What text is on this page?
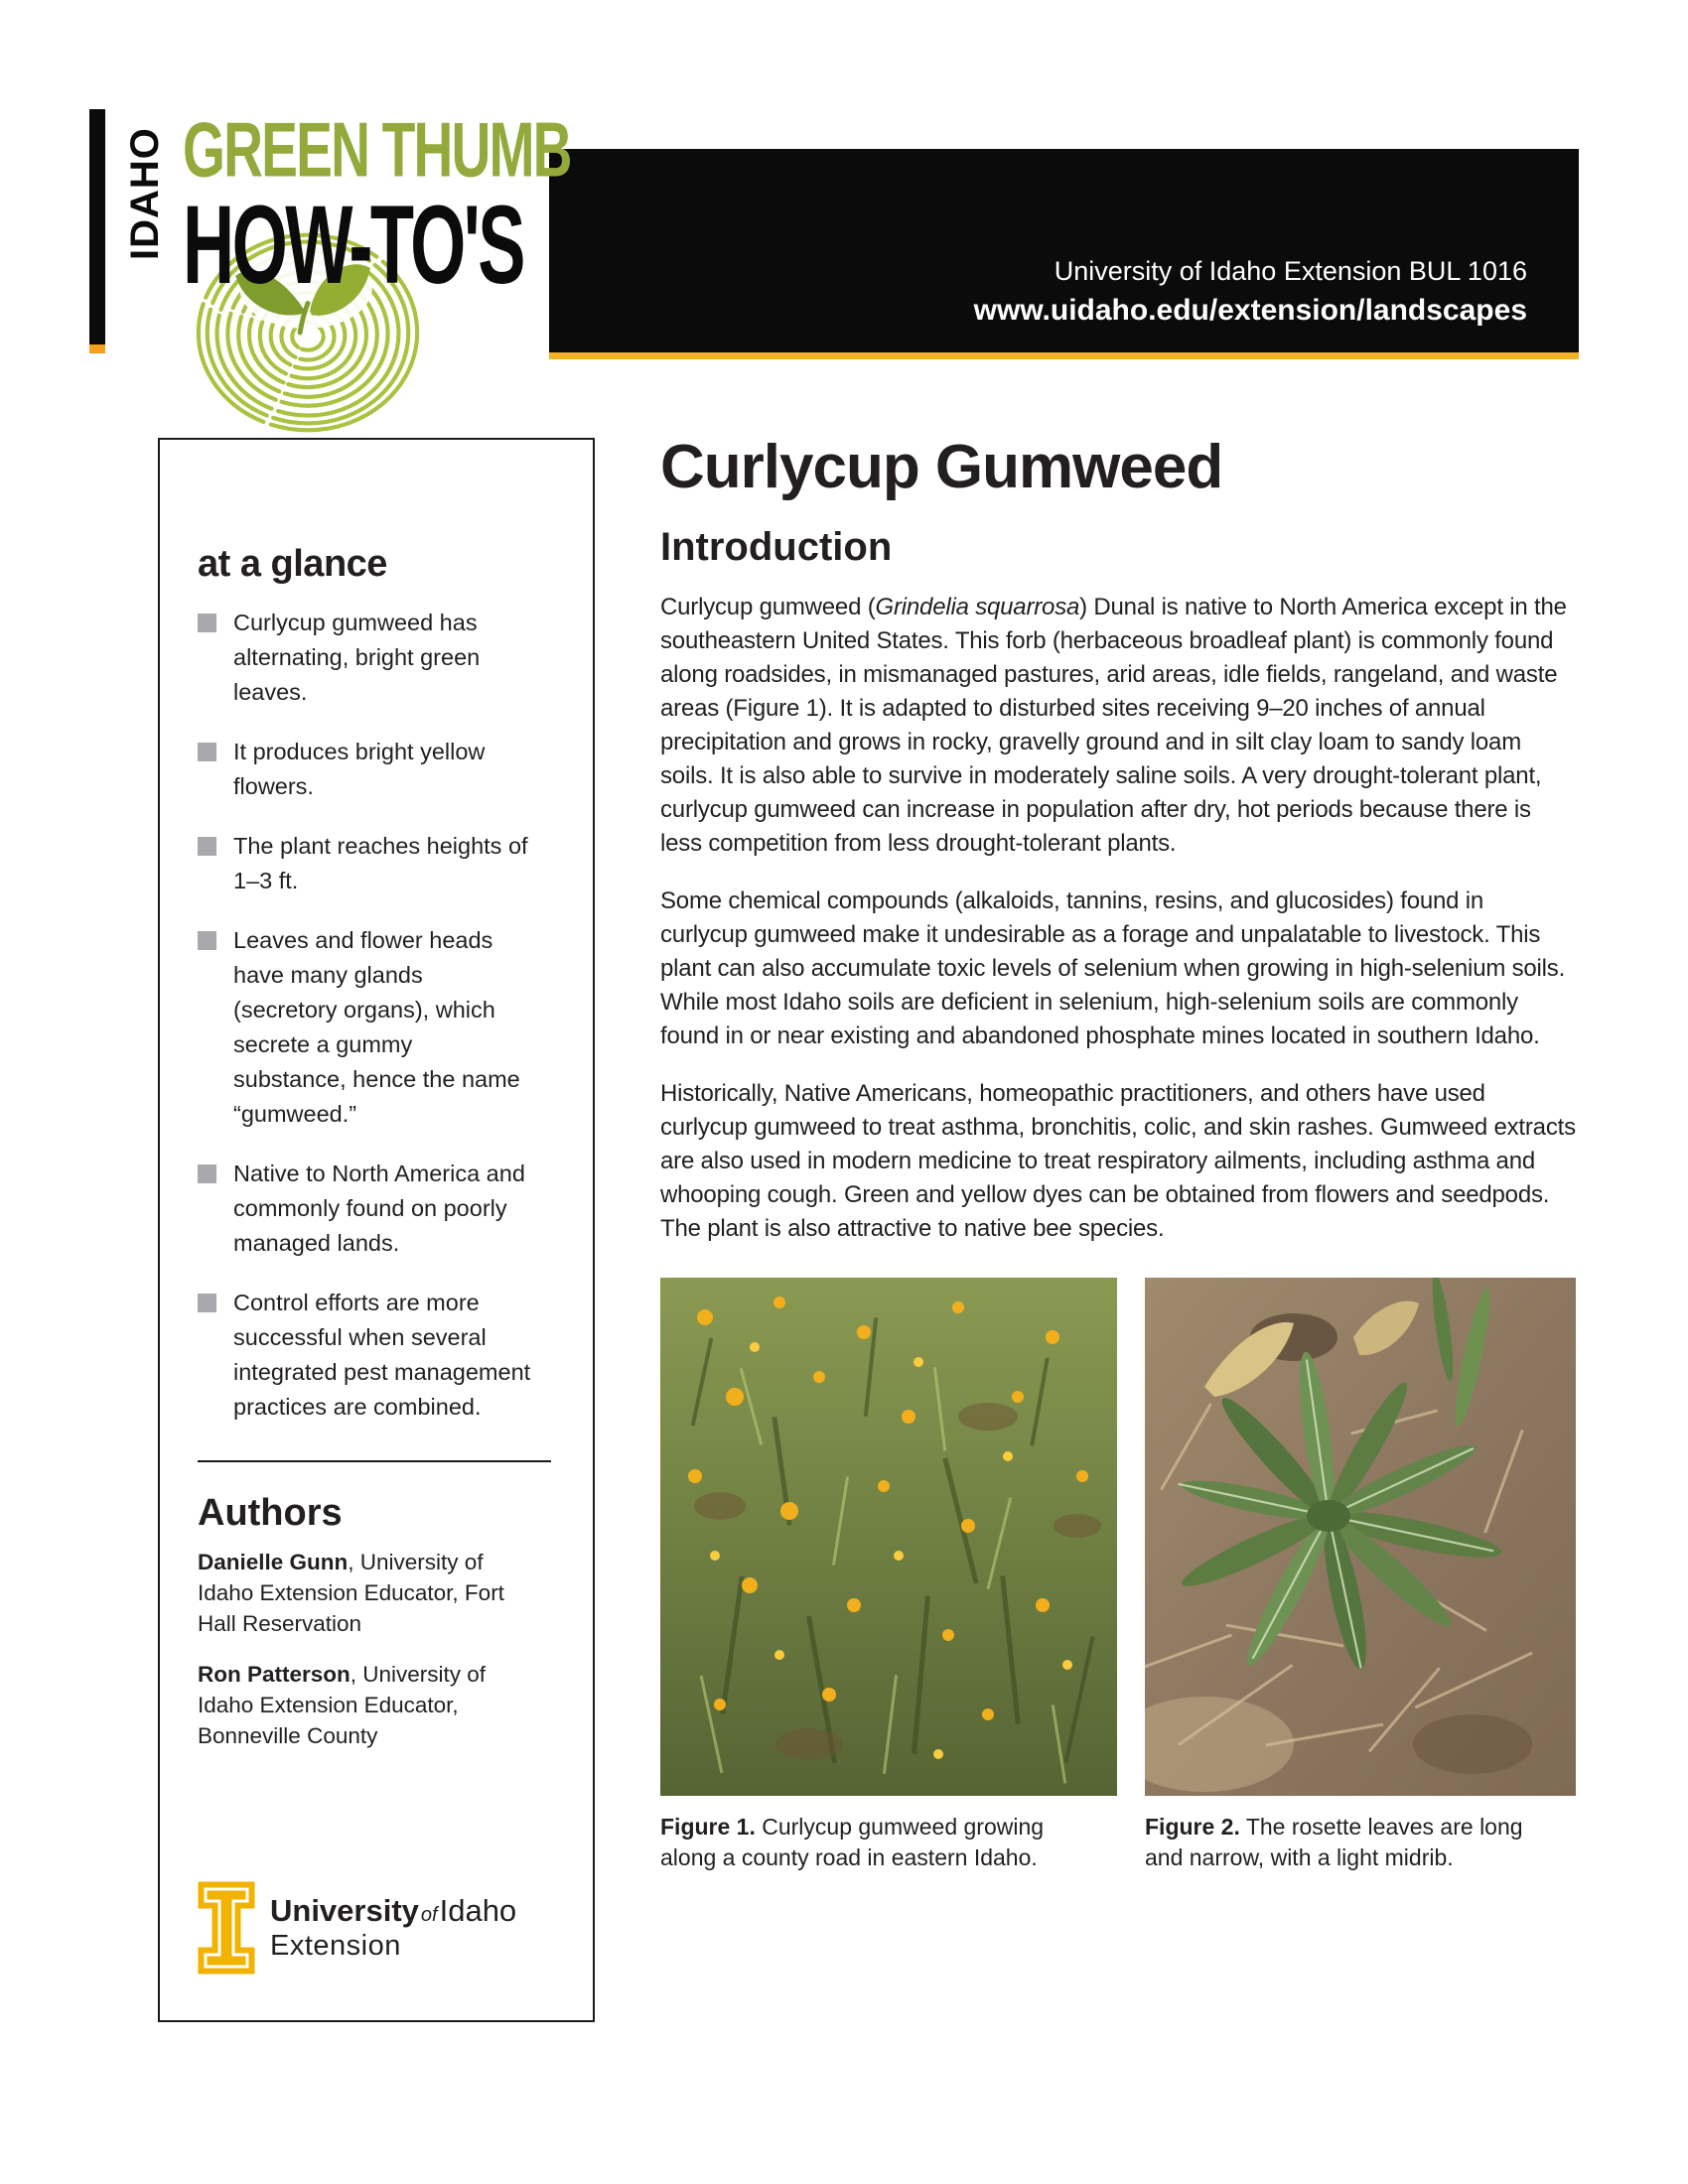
IDAHO GREEN THUMB
HOW-TO'S	University of Idaho Extension BUL 1016
www.uidaho.edu/extension/landscapes
at a glance
Curlycup gumweed has alternating, bright green leaves.
It produces bright yellow flowers.
The plant reaches heights of 1–3 ft.
Leaves and flower heads have many glands (secretory organs), which secrete a gummy substance, hence the name “gumweed.”
Native to North America and commonly found on poorly managed lands.
Control efforts are more successful when several integrated pest management practices are combined.
Authors

Danielle Gunn, University of Idaho Extension Educator, Fort Hall Reservation

Ron Patterson, University of Idaho Extension Educator, Bonneville County

University ofIdaho
Extension
Curlycup Gumweed
Introduction

Curlycup gumweed (Grindelia squarrosa) Dunal is native to North America except in the southeastern United States. This forb (herbaceous broadleaf plant) is commonly found along roadsides, in mismanaged pastures, arid areas, idle fields, rangeland, and waste areas (Figure 1). It is adapted to disturbed sites receiving 9–20 inches of annual precipitation and grows in rocky, gravelly ground and in silt clay loam to sandy loam soils. It is also able to survive in moderately saline soils. A very drought-tolerant plant, curlycup gumweed can increase in population after dry, hot periods because there is less competition from less drought-tolerant plants.

Some chemical compounds (alkaloids, tannins, resins, and glucosides) found in curlycup gumweed make it undesirable as a forage and unpalatable to livestock. This plant can also accumulate toxic levels of selenium when growing in high-selenium soils. While most Idaho soils are deficient in selenium, high-selenium soils are commonly found in or near existing and abandoned phosphate mines located in southern Idaho.

Historically, Native Americans, homeopathic practitioners, and others have used curlycup gumweed to treat asthma, bronchitis, colic, and skin rashes. Gumweed extracts are also used in modern medicine to treat respiratory ailments, including asthma and whooping cough. Green and yellow dyes can be obtained from flowers and seedpods. The plant is also attractive to native bee species.

Figure 1. Curlycup gumweed growing along a county road in eastern Idaho.
Figure 2. The rosette leaves are long and narrow, with a light midrib.
